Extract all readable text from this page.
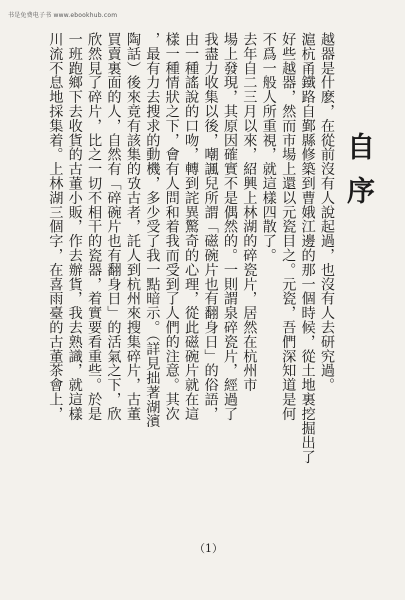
书是免费电子书 www.ebookhub.com
自序
越器是什麽，在從前沒有人說起過，也沒有人去研究過。
滬杭甬鐵路自鄞縣修築到曹娥江邊的那一個時候，從土地裏挖掘出了
好些越器，然而市場上還以元瓷目之。元瓷，吾們深知道是何
不爲一般人所重視，就這樣四散了。
去年自二三月以來，紹興上林湖的碎瓷片，居然在杭州市
場上發現，其原因確實不是偶然的。一則謂泉碎瓷片，經過了
我盡力收集以後，嘲諷兒所謂「磁碗片也有翻身日」的俗語，
由一種謠說的口吻，轉到詫異驚奇的心理，從此磁碗片就在這
樣一種情狀之下，會有人問和着我而受到了人們的注意。其次
，最有力去搜求的動機，多少受了我一點暗示。（詳見拙著湖濱
陶話）後來竟有該集的攷古者，託人到杭州來搜集碎片，古董
買賣裏面的人，自然有「碎碗片也有翻身日」的活氣之下，欣
欣然見了碎片，比之一切不相干的瓷器，着實要看重些。於是
一班跑鄉下去收貨的古董小販，作去辦貨，我去熟識，就這樣
川流不息地採集着。上林湖三個字，在喜雨臺的古董茶會上，
（1）
